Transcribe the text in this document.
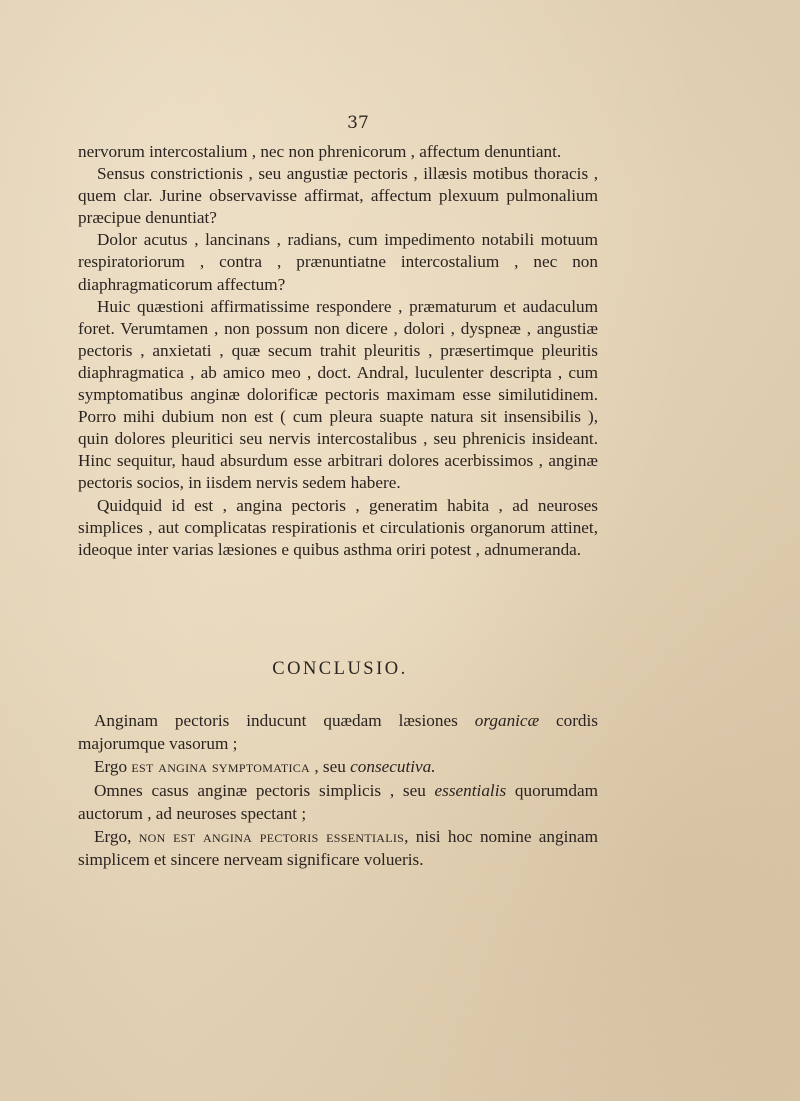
37

nervorum intercostalium , nec non phrenicorum , affectum denuntiant.

Sensus constrictionis , seu angustiæ pectoris , illæsis motibus thoracis , quem clar. Jurine observavisse affirmat, affectum plexuum pulmonalium præcipue denuntiat?

Dolor acutus , lancinans , radians, cum impedimento notabili motuum respiratoriorum , contra , prænuntiatne intercostalium , nec non diaphragmaticorum affectum?

Huic quæstioni affirmatissime respondere , præmaturum et audaculum foret. Verumtamen , non possum non dicere , dolori , dyspneæ , angustiæ pectoris , anxietati , quæ secum trahit pleuritis , præsertimque pleuritis diaphragmatica , ab amico meo , doct. Andral, luculenter descripta , cum symptomatibus anginæ dolorificæ pectoris maximam esse similutidinem. Porro mihi dubium non est ( cum pleura suapte natura sit insensibilis ), quin dolores pleuritici seu nervis intercostalibus , seu phrenicis insideant. Hinc sequitur, haud absurdum esse arbitrari dolores acerbissimos , anginæ pectoris socios, in iisdem nervis sedem habere.

Quidquid id est , angina pectoris , generatim habita , ad neuroses simplices , aut complicatas respirationis et circulationis organorum attinet, ideoque inter varias læsiones e quibus asthma oriri potest , adnumeranda.

CONCLUSIO.

Anginam pectoris inducunt quædam læsiones organicæ cordis majorumque vasorum ;

Ergo est angina symptomatica , seu consecutiva.

Omnes casus anginæ pectoris simplicis , seu essentialis quorumdam auctorum , ad neuroses spectant ;

Ergo, non est angina pectoris essentialis, nisi hoc nomine anginam simplicem et sincere nerveam significare volueris.
